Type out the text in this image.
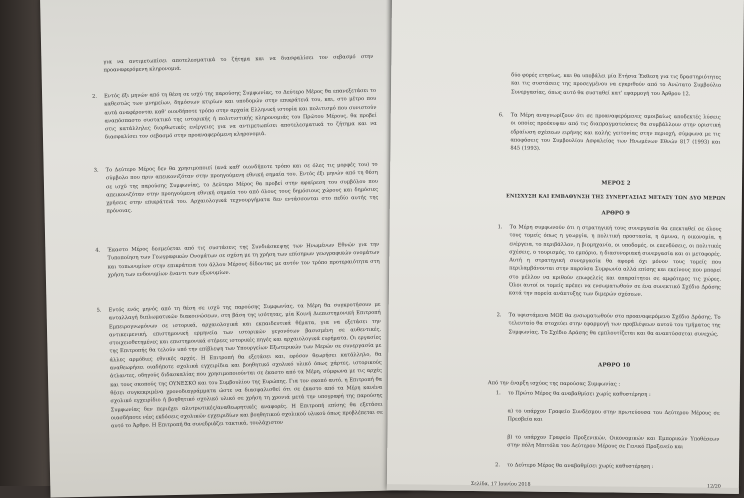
για να αντιμετωπίσει αποτελεσματικά το ζήτημα και να διασφαλίσει τον σεβασμό στην προαναφερόμενη κληρονομιά.
2. Εντός έξι μηνών από τη θέση σε ισχύ της παρούσης Συμφωνίας, το Δεύτερο Μέρος θα επανεξετάσει το καθεστώς των μνημείων, δημόσιων κτιρίων και υποδομών στην επικράτειά του, και, στο μέτρο που αυτά αναφέρονται καθ' οιονδήποτε τρόπο στην αρχαία Ελληνική ιστορία και πολιτισμό που συνιστούν αναπόσπαστο συστατικό της ιστορικής ή πολιτιστικής κληρονομιάς του Πρώτου Μέρους, θα προβεί στις κατάλληλες διορθωτικές ενέργειες για να αντιμετωπίσει αποτελεσματικά το ζήτημα και να διασφαλίσει τον σεβασμό στην προαναφερόμενη κληρονομιά.
3. Το Δεύτερο Μέρος δεν θα χρησιμοποιεί (ανά καθ' οιονδήποτε τρόπο και σε όλες τις μορφές του) το σύμβολο που πριν απεικονιζόταν στην προηγούμενη εθνική σημαία του. Εντός έξι μηνών από τη θέση σε ισχύ της παρούσης Συμφωνίας, το Δεύτερο Μέρος θα προβεί στην αφαίρεση του συμβόλου που απεικονιζόταν στην προηγούμενη εθνική σημαία του από όλους τους δημόσιους χώρους και δημόσιες χρήσεις στην επικράτειά του. Αρχαιολογικά τεχνουργήματα δεν εντάσσονται στο πεδίο αυτής της πρόνοιας.
4. Έκαστο Μέρος δεσμεύεται από τις συστάσεις της Συνδιάσκεψης των Ηνωμένων Εθνών για την Τυποποίηση των Γεωγραφικών Ονομάτων σε σχέση με τη χρήση των επίσημων γεωγραφικών ονομάτων και τοπωνυμίων στην επικράτεια του άλλου Μέρους δίδοντας με αυτόν τον τρόπο προτεραιότητα στη χρήση των ενδονυμίων έναντι των εξωνυμίων.
5. Εντός ενός μηνός από τη θέση σε ισχύ της παρούσης Συμφωνίας, τα Μέρη θα συγκροτήσουν με ανταλλαγή διπλωματικών διακοινώσεων, στη βάση της ισότητας, μία Κοινή Διεπιστημονική Επιτροπή Εμπειρογνωμόνων σε ιστορικά, αρχαιολογικά και εκπαιδευτικά θέματα, για να εξετάσει την αντικειμενική, επιστημονική ερμηνεία των ιστορικών γεγονότων βασισμένη σε αυθεντικές, στοιχειοθετημένες και επιστημονικά στέρεες ιστορικές πηγές και αρχαιολογικά ευρήματα. Οι εργασίες της Επιτροπής θα τελούν υπό την επίβλεψη των Υπουργείων Εξωτερικών των Μερών σε συνεργασία με άλλες αρμόδιες εθνικές αρχές. Η Επιτροπή θα εξετάσει και, εφόσον θεωρήσει κατάλληλο, θα αναθεωρήσει οιαδήποτε σχολικά εγχειρίδια και βοηθητικό σχολικό υλικό όπως χάρτες, ιστορικούς άτλαντες, οδηγούς διδασκαλίας που χρησιμοποιούνται σε έκαστο από τα Μέρη, σύμφωνα με τις αρχές και τους σκοπούς της ΟΥΝΕΣΚΟ και του Συμβουλίου της Ευρώπης. Για τον σκοπό αυτό, η Επιτροπή θα θέσει συγκεκριμένα χρονοδιαγράμματα ώστε να διασφαλισθεί ότι σε έκαστο από τα Μέρη κανένα σχολικό εγχειρίδιο ή βοηθητικό σχολικό υλικό σε χρήση τη χρονιά μετά την υπογραφή της παρούσης Συμφωνίας δεν περιέχει αλυτρωτικές/αναθεωρητικές αναφορές. Η Επιτροπή επίσης θα εξετάσει οιασδήποτε νέες εκδόσεις σχολικών εγχειριδίων και βοηθητικού σχολικού υλικού όπως προβλέπεται σε αυτό το Άρθρο. Η Επιτροπή θα συνεδριάζει τακτικά, τουλάχιστον
δύο φορές ετησίως, και θα υποβάλει μία Ετήσια Έκθεση για τις δραστηριότητες και τις συστάσεις της προσεγμένου να εγκριθούν από το Ανώτατο Συμβούλιο Συνεργασίας, όπως αυτό θα συσταθεί κατ' εφαρμογή του Άρθρου 12.
6. Τα Μέρη αναγνωρίζουν ότι σε προαναφερόμενες αμοιβαίως αποδεκτές λύσεις οι οποίες προέκυψαν από τις διαπραγματεύσεις θα συμβάλλουν στην οριστική εδραίωση σχέσεων ειρήνης και καλής γειτονίας στην περιοχή, σύμφωνα με τις αποφάσεις του Συμβουλίου Ασφαλείας των Ηνωμένων Εθνών 817 (1993) και 845 (1993).
ΜΕΡΟΣ 2
ΕΝΙΣΧΥΣΗ ΚΑΙ ΕΜΒΑΘΥΝΣΗ ΤΗΣ ΣΥΝΕΡΓΑΣΙΑΣ ΜΕΤΑΞΥ ΤΩΝ ΔΥΟ ΜΕΡΩΝ
ΑΡΘΡΟ 9
1. Τα Μέρη συμφωνούν ότι η στρατηγική τους συνεργασία θα επεκταθεί σε όλους τους τομείς όπως η γεωργία, η πολιτική προστασία, η άμυνα, η οικονομία, η ενέργεια, το περιβάλλον, η βιομηχανία, οι υποδομές, οι επενδύσεις, οι πολιτικές σχέσεις, ο τουρισμός, το εμπόριο, η διασυνοριακή συνεργασία και οι μεταφορές. Αυτή η στρατηγική συνεργασία θα αφορά όχι μόνον τους τομείς που περιλαμβάνονται στην παρούσα Συμφωνία αλλά επίσης και εκείνους που μπορεί στο μέλλον να κριθούν επωφελείς και απαραίτητοι σε αμφότερες τις χώρες. Όλοι αυτοί οι τομείς πρέπει να ενσωματωθούν σε ένα συνεκτικό Σχέδιο Δράσης κατά την πορεία ανάπτυξης των διμερών σχέσεων.
2. Τα υφιστάμενα ΜΟΕ θα ενσωματωθούν στο προαναφερόμενο Σχέδιο Δράσης. Το τελευταίο θα στοχεύει στην εφαρμογή των προβλέψεων αυτού του τμήματος της Συμφωνίας. Το Σχέδιο Δράσης θα εμπλουτίζεται και θα αναπτύσσεται συνεχώς.
ΑΡΘΡΟ 10
Από την έναρξη ισχύος της παρούσας Συμφωνίας :
1. το Πρώτο Μέρος θα αναβαθμίσει χωρίς καθυστέρηση :
α) το υπάρχον Γραφείο Συνδέσμου στην πρωτεύουσα του Δεύτερου Μέρους σε Πρεσβεία και
β) το υπάρχον Γραφείο Προξενικών, Οικονομικών και Εμπορικών Υποθέσεων στην πόλη Μπιτόλα του Δεύτερου Μέρους σε Γενικό Προξενείο και
2. το Δεύτερο Μέρος θα αναβαθμίσει χωρίς καθυστέρηση :
Σελίδα, 17 Ιουνίου 2018	12/20
